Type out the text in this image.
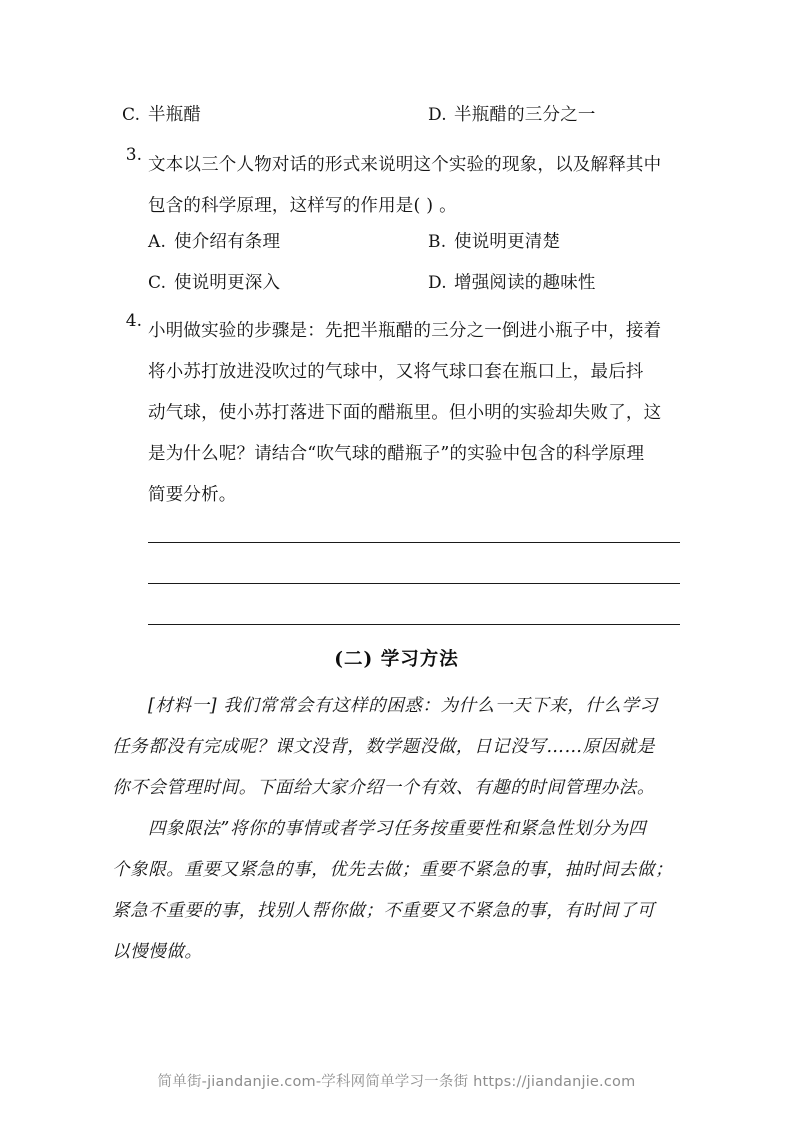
C. 半瓶醋	D. 半瓶醋的三分之一
3. 文本以三个人物对话的形式来说明这个实验的现象，以及解释其中
包含的科学原理，这样写的作用是( ) 。
A. 使介绍有条理	B. 使说明更清楚
C. 使说明更深入	D. 增强阅读的趣味性
4. 小明做实验的步骤是：先把半瓶醋的三分之一倒进小瓶子中，接着
将小苏打放进没吹过的气球中，又将气球口套在瓶口上，最后抖
动气球，使小苏打落进下面的醋瓶里。但小明的实验却失败了，这
是为什么呢？请结合“吹气球的醋瓶子”的实验中包含的科学原理
简要分析。
(二) 学习方法
[材料一] 我们常常会有这样的困惑：为什么一天下来，什么学习
任务都没有完成呢？课文没背，数学题没做，日记没写……原因就是
你不会管理时间。下面给大家介绍一个有效、有趣的时间管理办法。
四象限法”将你的事情或者学习任务按重要性和紧急性划分为四
个象限。重要又紧急的事，优先去做；重要不紧急的事，抽时间去做；
紧急不重要的事，找别人帮你做；不重要又不紧急的事，有时间了可
以慢慢做。
简单街-jiandanjie.com-学科网简单学习一条街 https://jiandanjie.com
